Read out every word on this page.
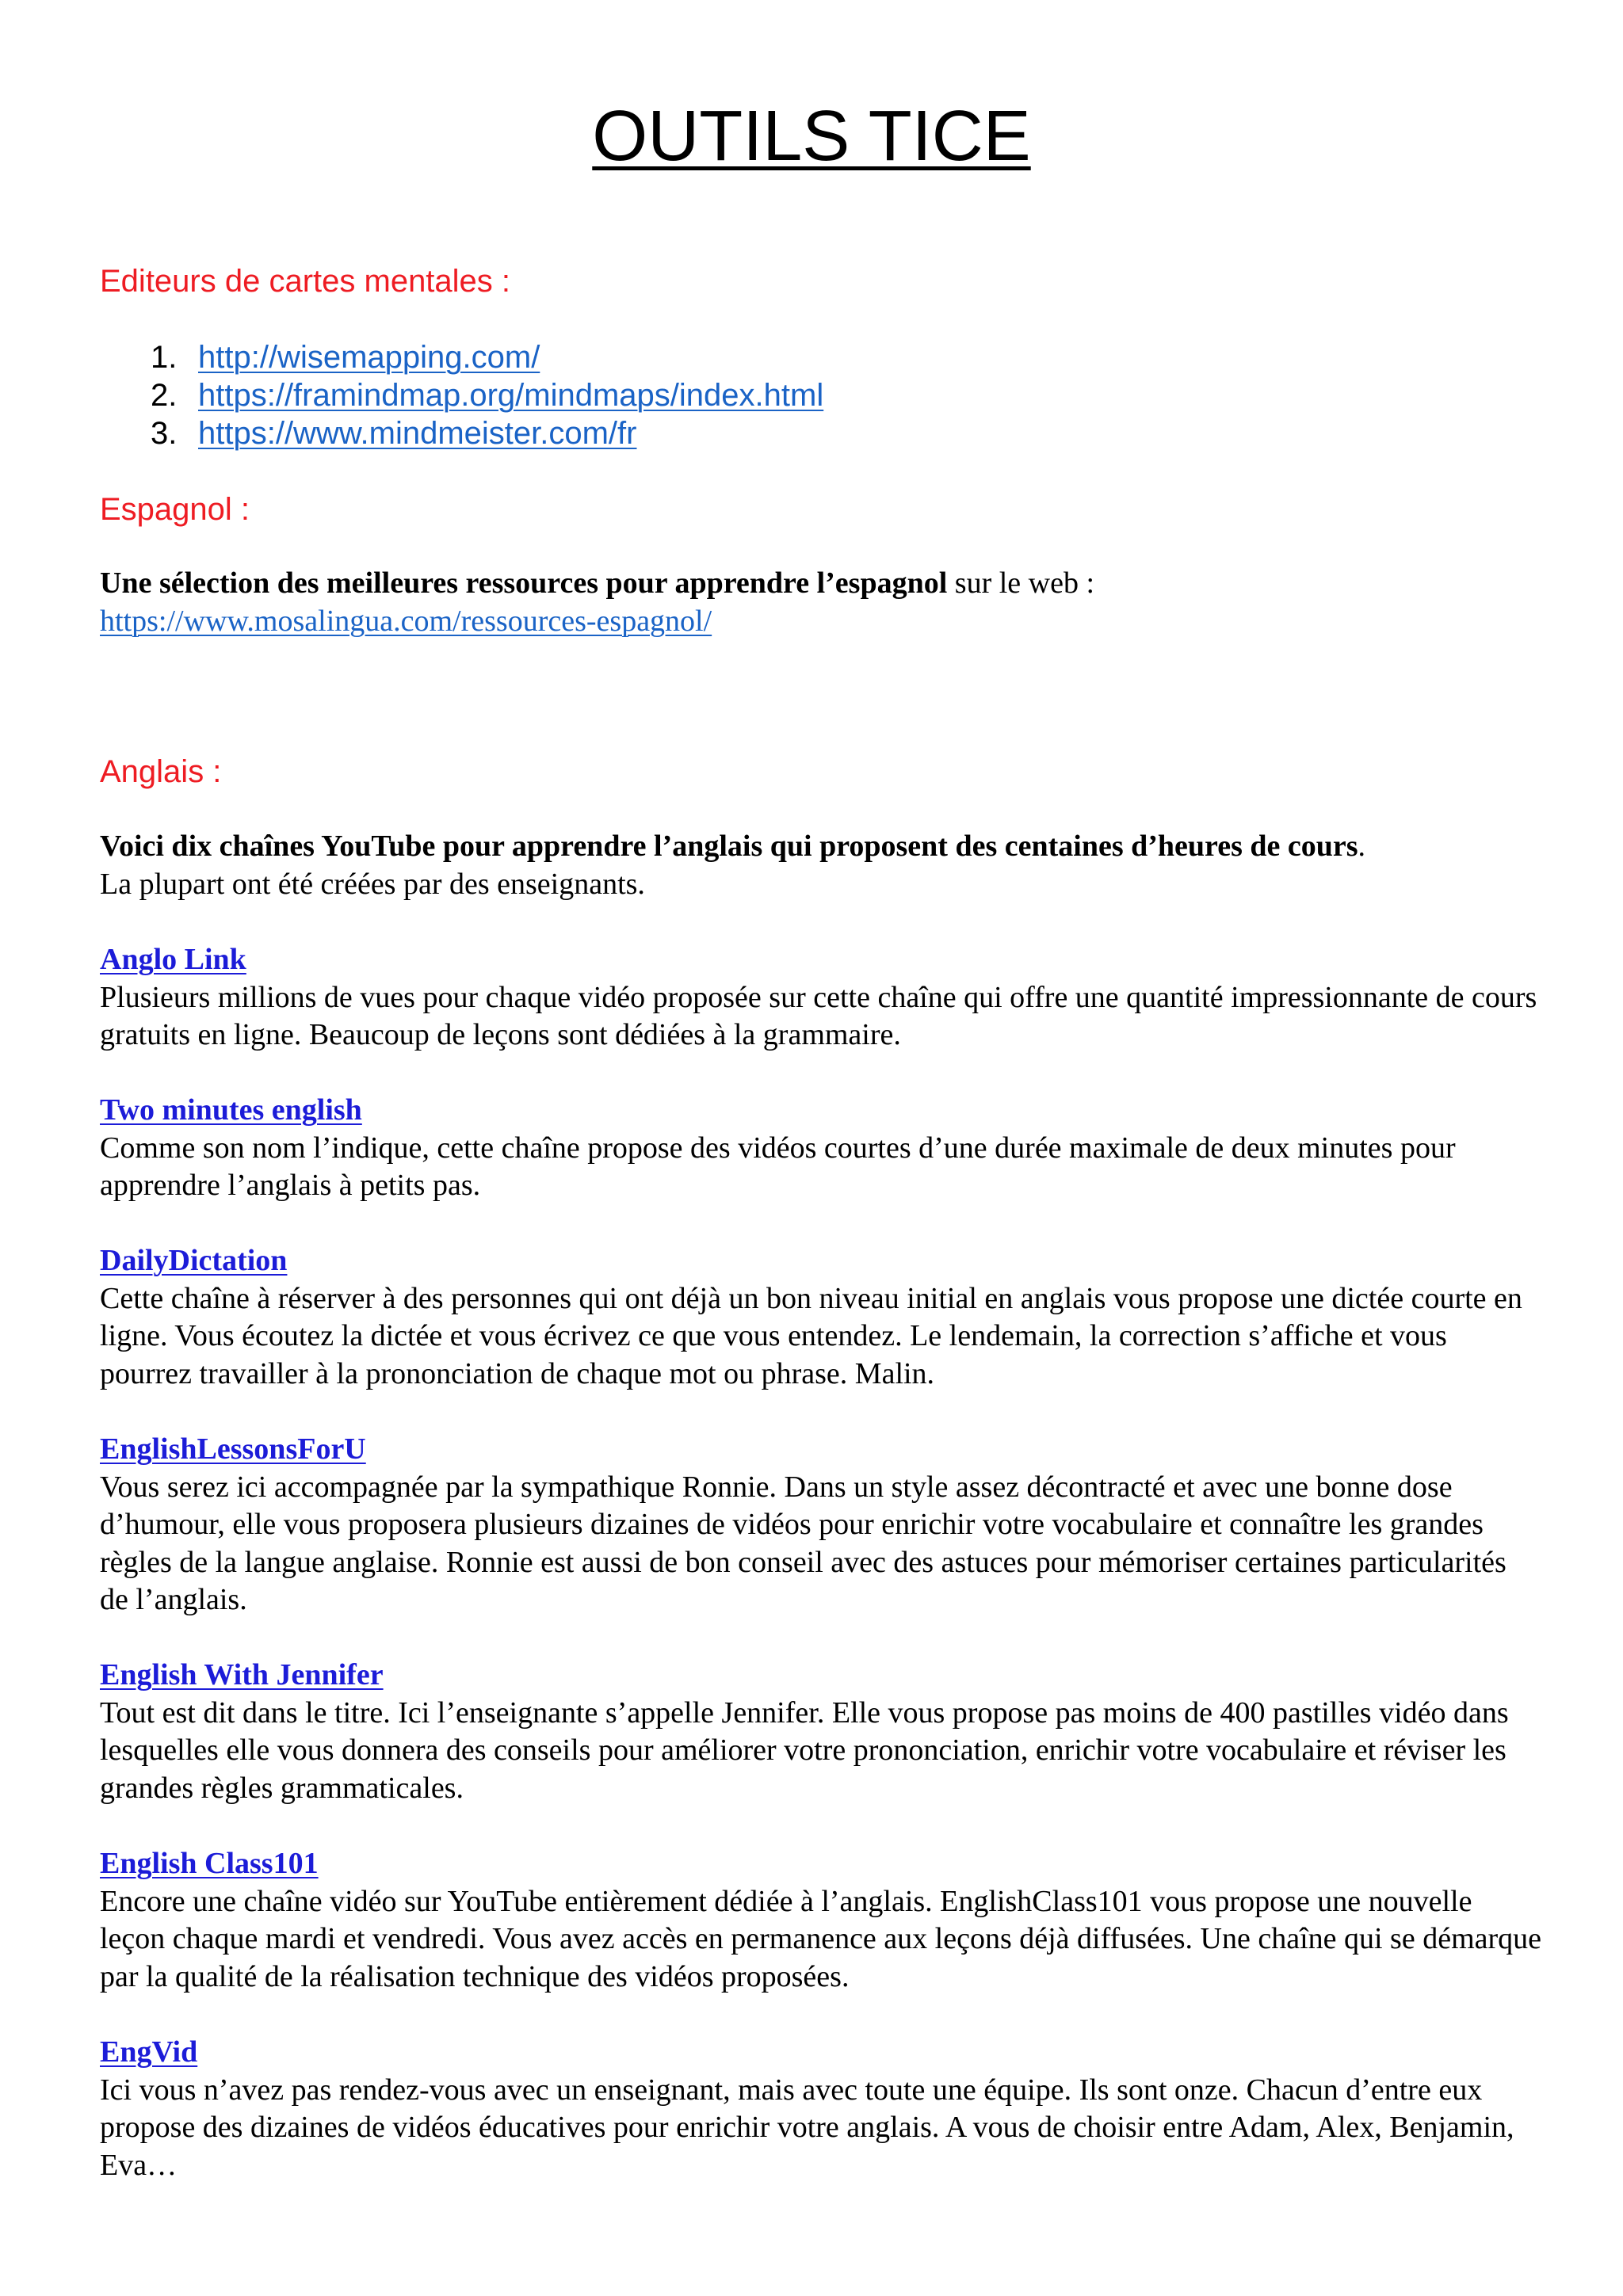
OUTILS TICE
Editeurs de cartes mentales :
1. http://wisemapping.com/
2. https://framindmap.org/mindmaps/index.html
3. https://www.mindmeister.com/fr
Espagnol :

Une sélection des meilleures ressources pour apprendre l’espagnol sur le web :

https://www.mosalingua.com/ressources-espagnol/

Anglais :

Voici dix chaînes YouTube pour apprendre l’anglais qui proposent des centaines d’heures de cours.

La plupart ont été créées par des enseignants.

Anglo Link

Plusieurs millions de vues pour chaque vidéo proposée sur cette chaîne qui offre une quantité impressionnante de cours gratuits en ligne. Beaucoup de leçons sont dédiées à la grammaire.

Two minutes english

Comme son nom l’indique, cette chaîne propose des vidéos courtes d’une durée maximale de deux minutes pour apprendre l’anglais à petits pas.

DailyDictation

Cette chaîne à réserver à des personnes qui ont déjà un bon niveau initial en anglais vous propose une dictée courte en ligne. Vous écoutez la dictée et vous écrivez ce que vous entendez. Le lendemain, la correction s’affiche et vous pourrez travailler à la prononciation de chaque mot ou phrase. Malin.

EnglishLessonsForU

Vous serez ici accompagnée par la sympathique Ronnie. Dans un style assez décontracté et avec une bonne dose d’humour, elle vous proposera plusieurs dizaines de vidéos pour enrichir votre vocabulaire et connaître les grandes règles de la langue anglaise. Ronnie est aussi de bon conseil avec des astuces pour mémoriser certaines particularités de l’anglais.

English With Jennifer

Tout est dit dans le titre. Ici l’enseignante s’appelle Jennifer. Elle vous propose pas moins de 400 pastilles vidéo dans lesquelles elle vous donnera des conseils pour améliorer votre prononciation, enrichir votre vocabulaire et réviser les grandes règles grammaticales.

English Class101

Encore une chaîne vidéo sur YouTube entièrement dédiée à l’anglais. EnglishClass101 vous propose une nouvelle leçon chaque mardi et vendredi. Vous avez accès en permanence aux leçons déjà diffusées. Une chaîne qui se démarque par la qualité de la réalisation technique des vidéos proposées.

EngVid

Ici vous n’avez pas rendez-vous avec un enseignant, mais avec toute une équipe. Ils sont onze. Chacun d’entre eux propose des dizaines de vidéos éducatives pour enrichir votre anglais. A vous de choisir entre Adam, Alex, Benjamin, Eva…
